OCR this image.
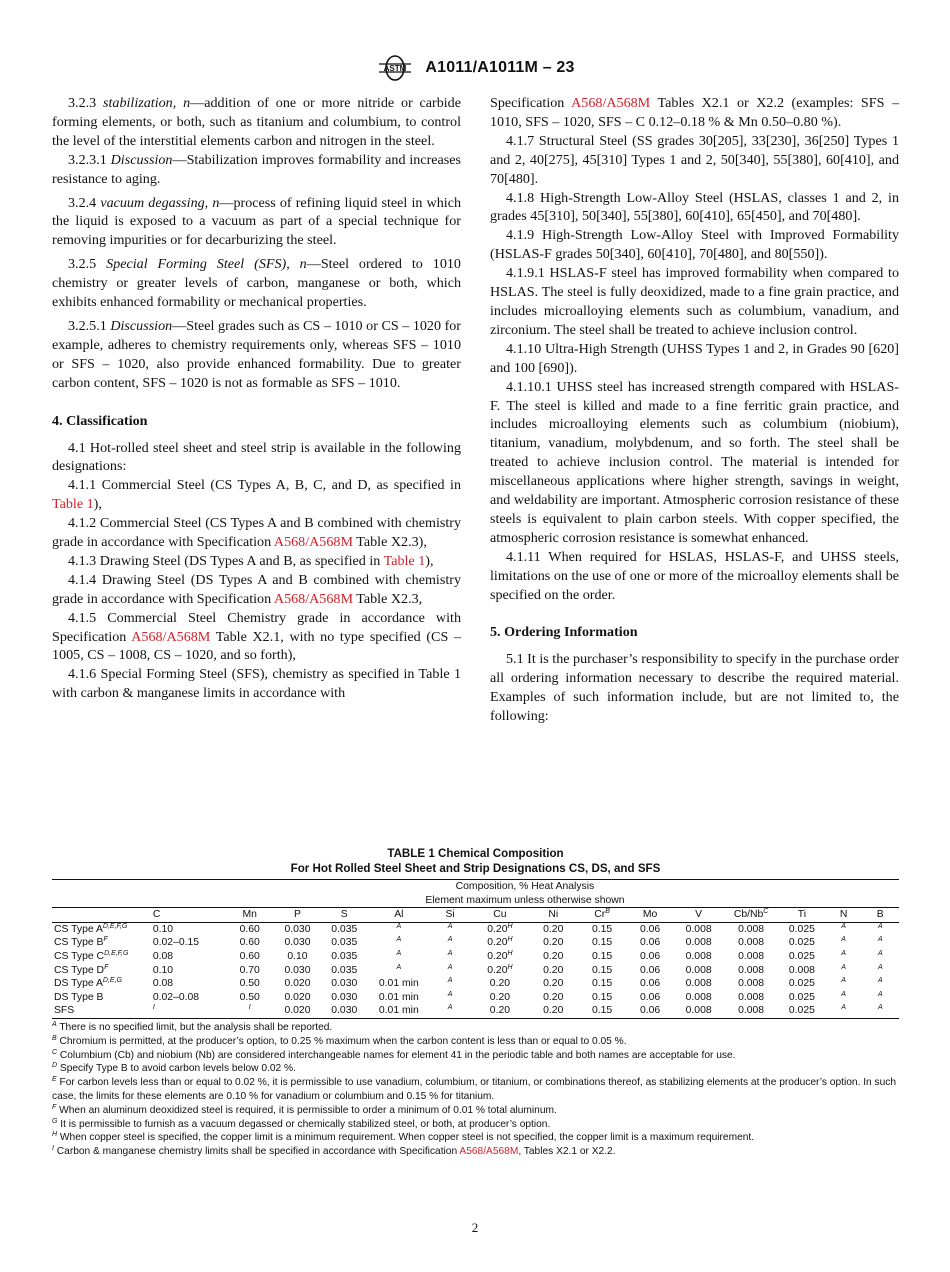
ASTM A1011/A1011M – 23

3.2.3 stabilization, n—addition of one or more nitride or carbide forming elements, or both, such as titanium and columbium, to control the level of the interstitial elements carbon and nitrogen in the steel.

3.2.3.1 Discussion—Stabilization improves formability and increases resistance to aging.

3.2.4 vacuum degassing, n—process of refining liquid steel in which the liquid is exposed to a vacuum as part of a special technique for removing impurities or for decarburizing the steel.

3.2.5 Special Forming Steel (SFS), n—Steel ordered to 1010 chemistry or greater levels of carbon, manganese or both, which exhibits enhanced formability or mechanical properties.

3.2.5.1 Discussion—Steel grades such as CS – 1010 or CS – 1020 for example, adheres to chemistry requirements only, whereas SFS – 1010 or SFS – 1020, also provide enhanced formability. Due to greater carbon content, SFS – 1020 is not as formable as SFS – 1010.

4. Classification

4.1 Hot-rolled steel sheet and steel strip is available in the following designations:

4.1.1 Commercial Steel (CS Types A, B, C, and D, as specified in Table 1),

4.1.2 Commercial Steel (CS Types A and B combined with chemistry grade in accordance with Specification A568/A568M Table X2.3),

4.1.3 Drawing Steel (DS Types A and B, as specified in Table 1),

4.1.4 Drawing Steel (DS Types A and B combined with chemistry grade in accordance with Specification A568/A568M Table X2.3,

4.1.5 Commercial Steel Chemistry grade in accordance with Specification A568/A568M Table X2.1, with no type specified (CS – 1005, CS – 1008, CS – 1020, and so forth),

4.1.6 Special Forming Steel (SFS), chemistry as specified in Table 1 with carbon & manganese limits in accordance with

Specification A568/A568M Tables X2.1 or X2.2 (examples: SFS – 1010, SFS – 1020, SFS – C 0.12–0.18 % & Mn 0.50–0.80 %).

4.1.7 Structural Steel (SS grades 30[205], 33[230], 36[250] Types 1 and 2, 40[275], 45[310] Types 1 and 2, 50[340], 55[380], 60[410], and 70[480].

4.1.8 High-Strength Low-Alloy Steel (HSLAS, classes 1 and 2, in grades 45[310], 50[340], 55[380], 60[410], 65[450], and 70[480].

4.1.9 High-Strength Low-Alloy Steel with Improved Formability (HSLAS-F grades 50[340], 60[410], 70[480], and 80[550]).

4.1.9.1 HSLAS-F steel has improved formability when compared to HSLAS. The steel is fully deoxidized, made to a fine grain practice, and includes microalloying elements such as columbium, vanadium, and zirconium. The steel shall be treated to achieve inclusion control.

4.1.10 Ultra-High Strength (UHSS Types 1 and 2, in Grades 90 [620] and 100 [690]).

4.1.10.1 UHSS steel has increased strength compared with HSLAS-F. The steel is killed and made to a fine ferritic grain practice, and includes microalloying elements such as columbium (niobium), titanium, vanadium, molybdenum, and so forth. The steel shall be treated to achieve inclusion control. The material is intended for miscellaneous applications where higher strength, savings in weight, and weldability are important. Atmospheric corrosion resistance of these steels is equivalent to plain carbon steels. With copper specified, the atmospheric corrosion resistance is somewhat enhanced.

4.1.11 When required for HSLAS, HSLAS-F, and UHSS steels, limitations on the use of one or more of the microalloy elements shall be specified on the order.

5. Ordering Information

5.1 It is the purchaser’s responsibility to specify in the purchase order all ordering information necessary to describe the required material. Examples of such information include, but are not limited to, the following:

TABLE 1 Chemical Composition
For Hot Rolled Steel Sheet and Strip Designations CS, DS, and SFS

	Composition, % Heat Analysis
Element maximum unless otherwise shown														

	C	Mn	P	S	Al	Si	Cu	Ni	$Cr^B$	Mo	V	$Cb/Nb^C$	Ti	N	B
CS Type $A^{D,E,F,G}$	0.10	0.60	0.030	0.035	$^A$	$^A$	$0.20^H$	0.20	0.15	0.06	0.008	0.008	0.025	$^A$	$^A$
CS Type $B^F$	0.02–0.15	0.60	0.030	0.035	$^A$	$^A$	$0.20^H$	0.20	0.15	0.06	0.008	0.008	0.025	$^A$	$^A$
CS Type $C^{D,E,F,G}$	0.08	0.60	0.10	0.035	$^A$	$^A$	$0.20^H$	0.20	0.15	0.06	0.008	0.008	0.025	$^A$	$^A$
CS Type $D^F$	0.10	0.70	0.030	0.035	$^A$	$^A$	$0.20^H$	0.20	0.15	0.06	0.008	0.008	0.008	$^A$	$^A$
DS Type $A^{D,E,G}$	0.08	0.50	0.020	0.030	0.01 min	$^A$	0.20	0.20	0.15	0.06	0.008	0.008	0.025	$^A$	$^A$
DS Type B	0.02–0.08	0.50	0.020	0.030	0.01 min	$^A$	0.20	0.20	0.15	0.06	0.008	0.008	0.025	$^A$	$^A$
SFS	$^I$	$^I$	0.020	0.030	0.01 min	$^A$	0.20	0.20	0.15	0.06	0.008	0.008	0.025	$^A$	$^A$
$^A$ There is no specified limit, but the analysis shall be reported.
$^B$ Chromium is permitted, at the producer’s option, to 0.25 % maximum when the carbon content is less than or equal to 0.05 %.
$^C$ Columbium (Cb) and niobium (Nb) are considered interchangeable names for element 41 in the periodic table and both names are acceptable for use.
$^D$ Specify Type B to avoid carbon levels below 0.02 %.
$^E$ For carbon levels less than or equal to 0.02 %, it is permissible to use vanadium, columbium, or titanium, or combinations thereof, as stabilizing elements at the producer’s option. In such case, the limits for these elements are 0.10 % for vanadium or columbium and 0.15 % for titanium.
$^F$ When an aluminum deoxidized steel is required, it is permissible to order a minimum of 0.01 % total aluminum.
$^G$ It is permissible to furnish as a vacuum degassed or chemically stabilized steel, or both, at producer’s option.
$^H$ When copper steel is specified, the copper limit is a minimum requirement. When copper steel is not specified, the copper limit is a maximum requirement.
$^I$ Carbon & manganese chemistry limits shall be specified in accordance with Specification A568/A568M, Tables X2.1 or X2.2.
2
